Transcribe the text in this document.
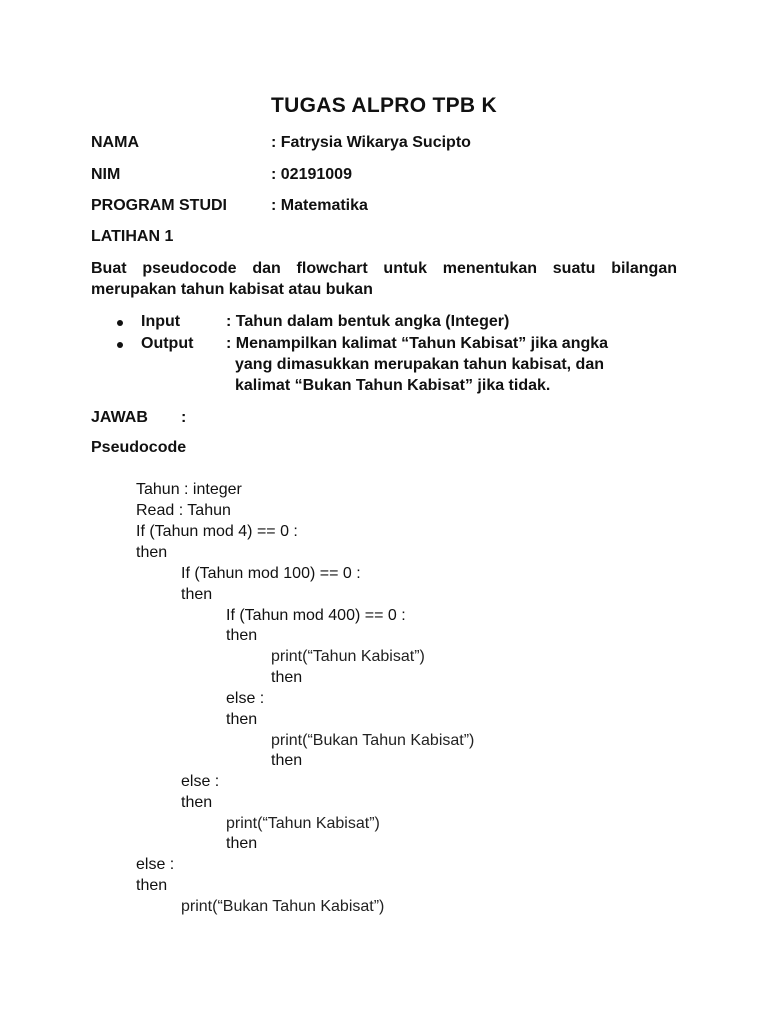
TUGAS ALPRO TPB K
NAMA	: Fatrysia Wikarya Sucipto
NIM	: 02191009
PROGRAM STUDI	: Matematika
LATIHAN 1
Buat pseudocode dan flowchart untuk menentukan suatu bilangan merupakan tahun kabisat atau bukan
Input	: Tahun dalam bentuk angka (Integer)
Output : Menampilkan kalimat “Tahun Kabisat” jika angka
yang dimasukkan merupakan tahun kabisat, dan
kalimat “Bukan Tahun Kabisat” jika tidak.
JAWAB :
Pseudocode
Tahun : integer
Read : Tahun
If (Tahun mod 4) == 0 :
then
If (Tahun mod 100) == 0 :
then
If (Tahun mod 400) == 0 :
then
print(“Tahun Kabisat”)
then
else :
then
print(“Bukan Tahun Kabisat”)
then
else :
then
print(“Tahun Kabisat”)
then
else :
then
print(“Bukan Tahun Kabisat”)
